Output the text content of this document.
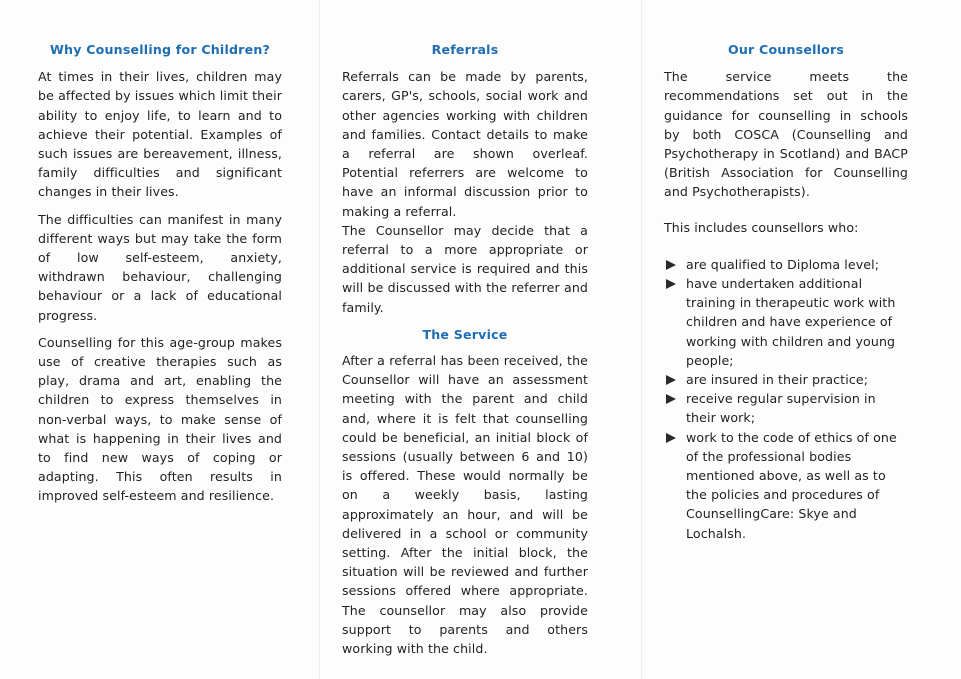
Why Counselling for Children?

At times in their lives, children may be affected by issues which limit their ability to enjoy life, to learn and to achieve their potential. Examples of such issues are bereavement, illness, family difficulties and significant changes in their lives.

The difficulties can manifest in many different ways but may take the form of low self-esteem, anxiety, withdrawn behaviour, challenging behaviour or a lack of educational progress.

Counselling for this age-group makes use of creative therapies such as play, drama and art, enabling the children to express themselves in non-verbal ways, to make sense of what is happening in their lives and to find new ways of coping or adapting. This often results in improved self-esteem and resilience.

Referrals

Referrals can be made by parents, carers, GP's, schools, social work and other agencies working with children and families. Contact details to make a referral are shown overleaf. Potential referrers are welcome to have an informal discussion prior to making a referral.

The Counsellor may decide that a referral to a more appropriate or additional service is required and this will be discussed with the referrer and family.

The Service

After a referral has been received, the Counsellor will have an assessment meeting with the parent and child and, where it is felt that counselling could be beneficial, an initial block of sessions (usually between 6 and 10) is offered. These would normally be on a weekly basis, lasting approximately an hour, and will be delivered in a school or community setting. After the initial block, the situation will be reviewed and further sessions offered where appropriate. The counsellor may also provide support to parents and others working with the child.

Our Counsellors

The service meets the recommendations set out in the guidance for counselling in schools by both COSCA (Counselling and Psychotherapy in Scotland) and BACP (British Association for Counselling and Psychotherapists).

This includes counsellors who:

are qualified to Diploma level;
have undertaken additional training in therapeutic work with children and have experience of working with children and young people;
are insured in their practice;
receive regular supervision in their work;
work to the code of ethics of one of the professional bodies mentioned above, as well as to the policies and procedures of CounsellingCare: Skye and Lochalsh.
